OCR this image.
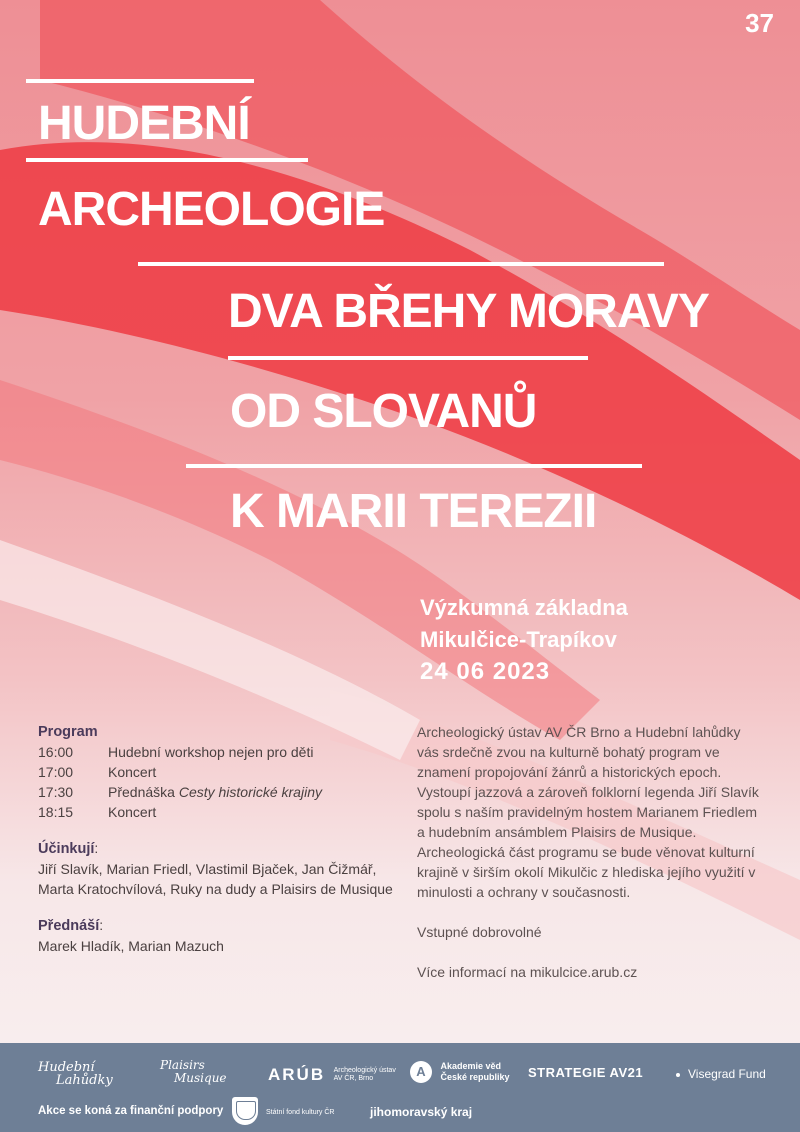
37
HUDEBNÍ
ARCHEOLOGIE
DVA BŘEHY MORAVY
OD SLOVANŮ
K MARII TEREZII
Výzkumná základna
Mikulčice-Trapíkov
24 06 2023
Program
16:00	Hudební workshop nejen pro děti
17:00	Koncert
17:30	Přednáška Cesty historické krajiny
18:15	Koncert
Účinkují:
Jiří Slavík, Marian Friedl, Vlastimil Bjaček, Jan Čižmář, Marta Kratochvílová, Ruky na dudy a Plaisirs de Musique
Přednáší:
Marek Hladík, Marian Mazuch

Archeologický ústav AV ČR Brno a Hudební lahůdky vás srdečně zvou na kulturně bohatý program ve znamení propojování žánrů a historických epoch. Vystoupí jazzová a zároveň folklorní legenda Jiří Slavík spolu s naším pravidelným hostem Marianem Friedlem a hudebním ansámblem Plaisirs de Musique. Archeologická část programu se bude věnovat kulturní krajině v širším okolí Mikulčic z hlediska jejího využití v minulosti a ochrany v současnosti.

Vstupné dobrovolné

Více informací na mikulcice.arub.cz

Hudební
Lahůdky
Plaisirs
Musique ARÚB Archeologický ústav
AV ČR, Brno	A Akademie věd
České republiky STRATEGIE AV21	Visegrad Fund
Akce se koná za finanční podpory	Státní fond kultury ČR	jihomoravský kraj
